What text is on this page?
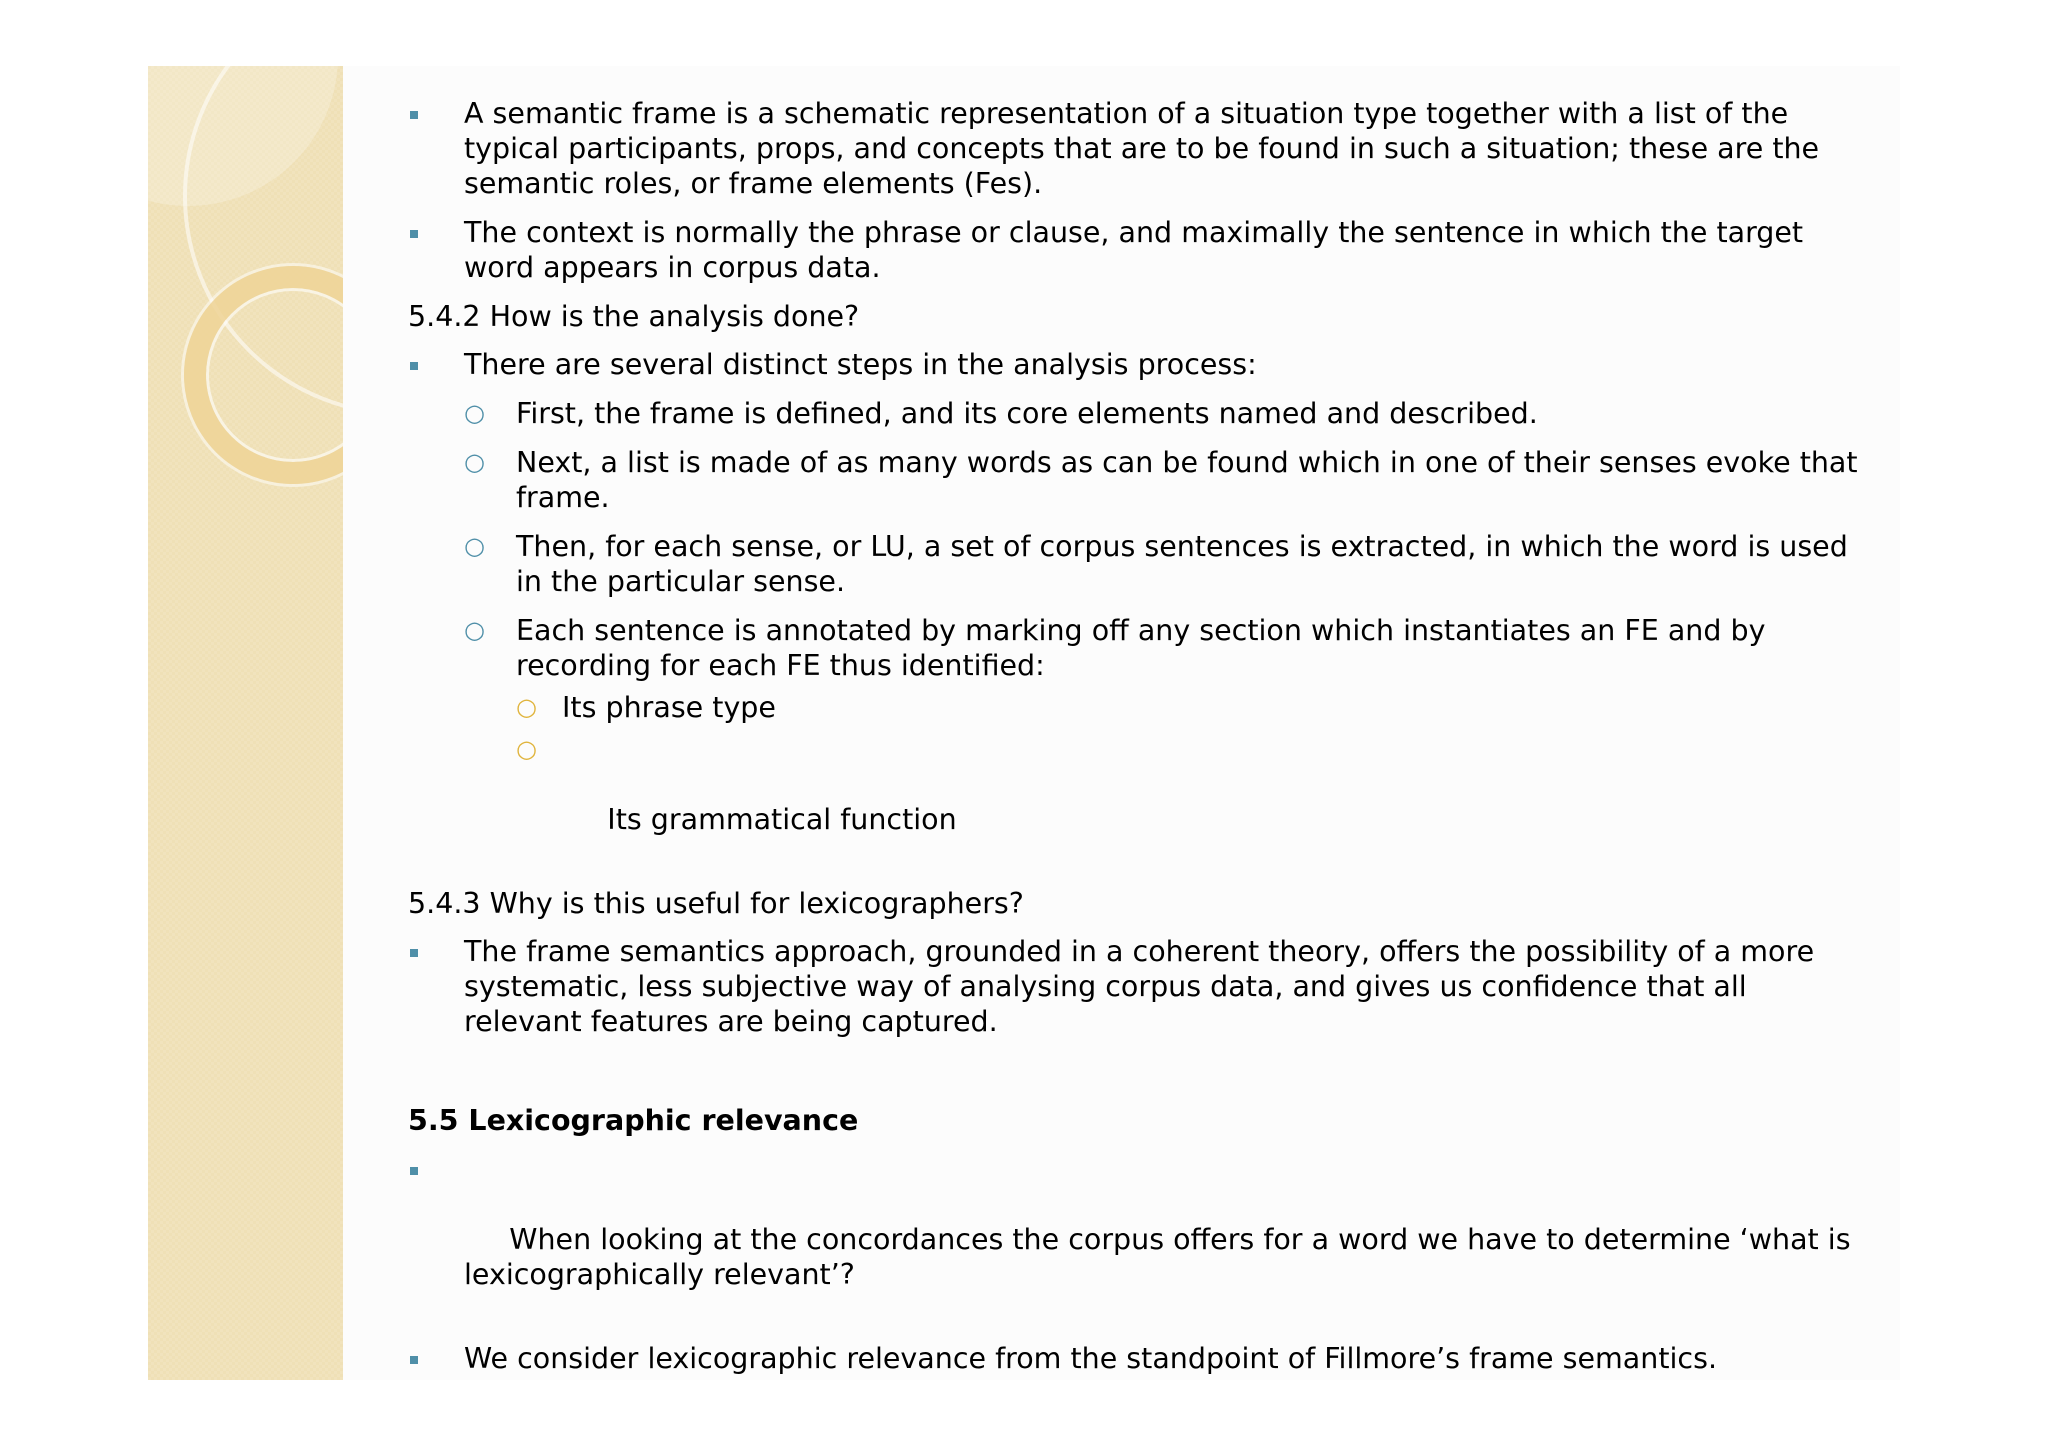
A semantic frame is a schematic representation of a situation type together with a list of the typical participants, props, and concepts that are to be found in such a situation; these are the semantic roles, or frame elements (Fes).
The context is normally the phrase or clause, and maximally the sentence in which the target word appears in corpus data.
5.4.2 How is the analysis done?
There are several distinct steps in the analysis process:
○ First, the frame is defined, and its core elements named and described.
○ Next, a list is made of as many words as can be found which in one of their senses evoke that frame.
○ Then, for each sense, or LU, a set of corpus sentences is extracted, in which the word is used in the particular sense.
○ Each sentence is annotated by marking off any section which instantiates an FE and by recording for each FE thus identified:
○ Its phrase type

○

Its grammatical function

5.4.3 Why is this useful for lexicographers?
The frame semantics approach, grounded in a coherent theory, offers the possibility of a more systematic, less subjective way of analysing corpus data, and gives us confidence that all relevant features are being captured.
5.5 Lexicographic relevance

When looking at the concordances the corpus offers for a word we have to determine ‘what is lexicographically relevant’?

We consider lexicographic relevance from the standpoint of Fillmore’s frame semantics.
